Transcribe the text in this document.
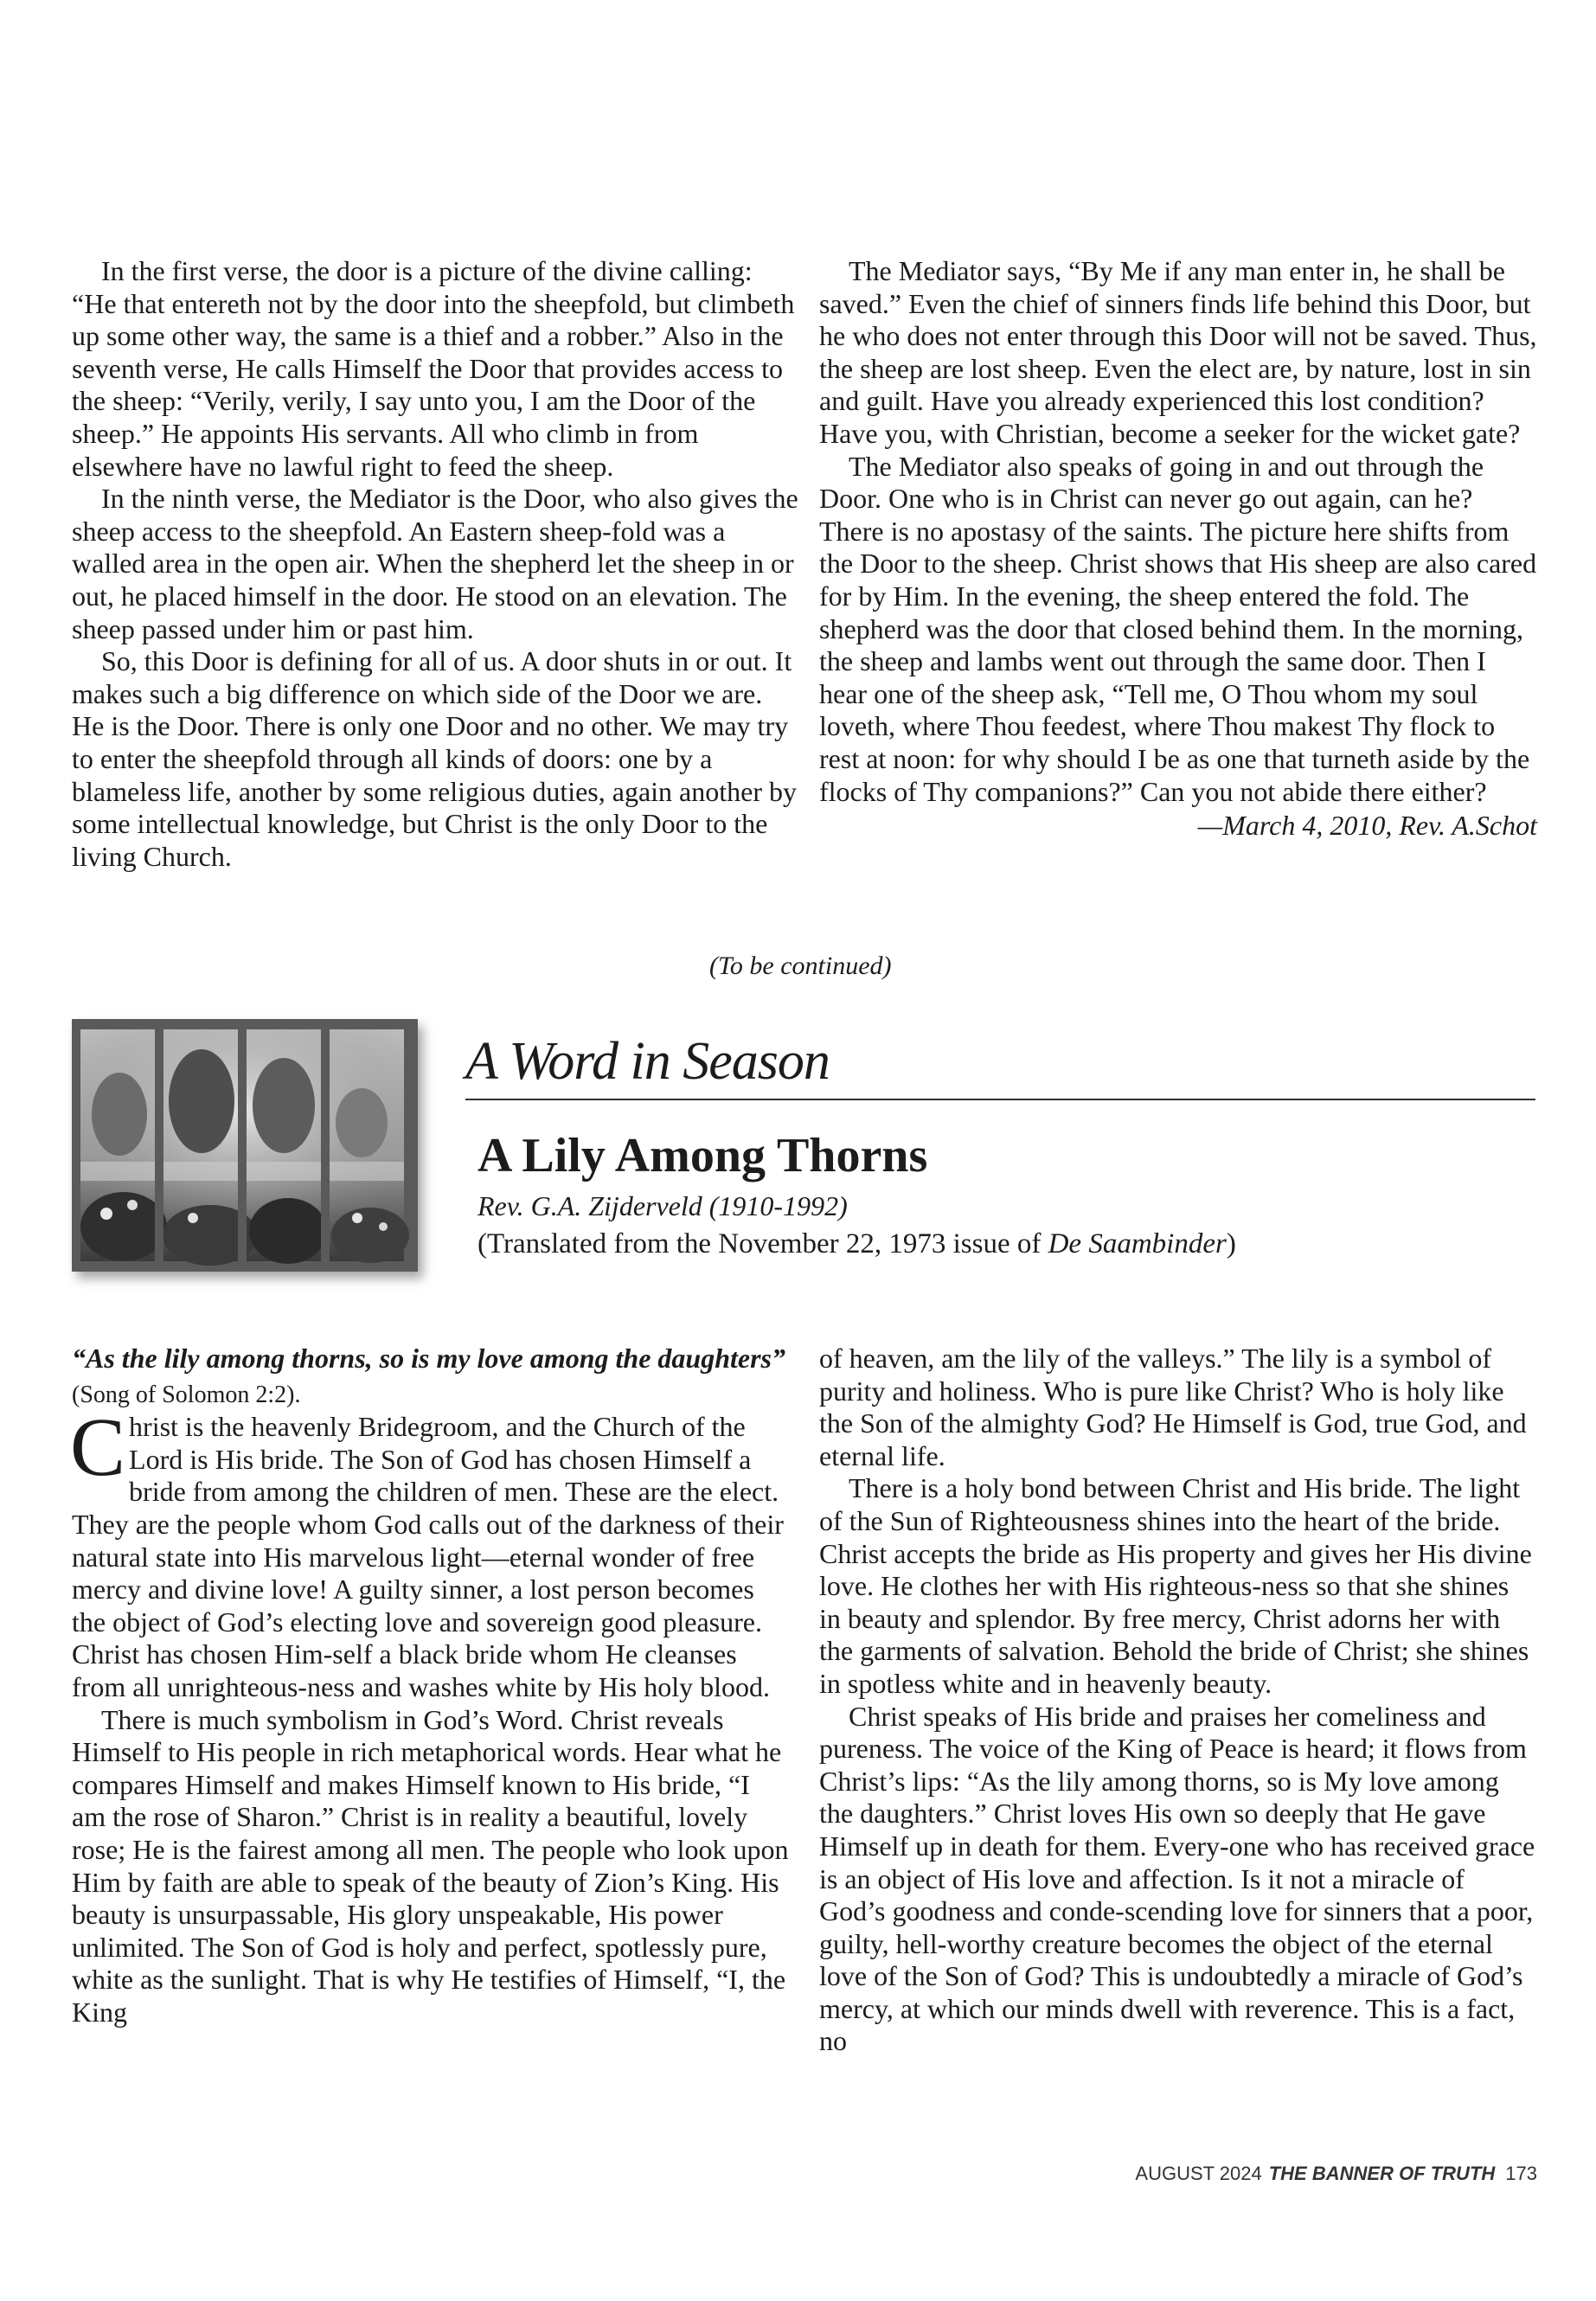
In the first verse, the door is a picture of the divine calling: “He that entereth not by the door into the sheepfold, but climbeth up some other way, the same is a thief and a robber.” Also in the seventh verse, He calls Himself the Door that provides access to the sheep: “Verily, verily, I say unto you, I am the Door of the sheep.” He appoints His servants. All who climb in from elsewhere have no lawful right to feed the sheep.

In the ninth verse, the Mediator is the Door, who also gives the sheep access to the sheepfold. An Eastern sheep-fold was a walled area in the open air. When the shepherd let the sheep in or out, he placed himself in the door. He stood on an elevation. The sheep passed under him or past him.

So, this Door is defining for all of us. A door shuts in or out. It makes such a big difference on which side of the Door we are. He is the Door. There is only one Door and no other. We may try to enter the sheepfold through all kinds of doors: one by a blameless life, another by some religious duties, again another by some intellectual knowledge, but Christ is the only Door to the living Church.

The Mediator says, “By Me if any man enter in, he shall be saved.” Even the chief of sinners finds life behind this Door, but he who does not enter through this Door will not be saved. Thus, the sheep are lost sheep. Even the elect are, by nature, lost in sin and guilt. Have you already experienced this lost condition? Have you, with Christian, become a seeker for the wicket gate?

The Mediator also speaks of going in and out through the Door. One who is in Christ can never go out again, can he? There is no apostasy of the saints. The picture here shifts from the Door to the sheep. Christ shows that His sheep are also cared for by Him. In the evening, the sheep entered the fold. The shepherd was the door that closed behind them. In the morning, the sheep and lambs went out through the same door. Then I hear one of the sheep ask, “Tell me, O Thou whom my soul loveth, where Thou feedest, where Thou makest Thy flock to rest at noon: for why should I be as one that turneth aside by the flocks of Thy companions?” Can you not abide there either?

—March 4, 2010, Rev. A.Schot

(To be continued)
A Word in Season
A Lily Among Thorns
Rev. G.A. Zijderveld (1910-1992)
(Translated from the November 22, 1973 issue of De Saambinder)

“As the lily among thorns, so is my love among the daughters” (Song of Solomon 2:2).

Christ is the heavenly Bridegroom, and the Church of the Lord is His bride. The Son of God has chosen Himself a bride from among the children of men. These are the elect. They are the people whom God calls out of the darkness of their natural state into His marvelous light—eternal wonder of free mercy and divine love! A guilty sinner, a lost person becomes the object of God’s electing love and sovereign good pleasure. Christ has chosen Him-self a black bride whom He cleanses from all unrighteous-ness and washes white by His holy blood.

There is much symbolism in God’s Word. Christ reveals Himself to His people in rich metaphorical words. Hear what he compares Himself and makes Himself known to His bride, “I am the rose of Sharon.” Christ is in reality a beautiful, lovely rose; He is the fairest among all men. The people who look upon Him by faith are able to speak of the beauty of Zion’s King. His beauty is unsurpassable, His glory unspeakable, His power unlimited. The Son of God is holy and perfect, spotlessly pure, white as the sunlight. That is why He testifies of Himself, “I, the King

of heaven, am the lily of the valleys.” The lily is a symbol of purity and holiness. Who is pure like Christ? Who is holy like the Son of the almighty God? He Himself is God, true God, and eternal life.

There is a holy bond between Christ and His bride. The light of the Sun of Righteousness shines into the heart of the bride. Christ accepts the bride as His property and gives her His divine love. He clothes her with His righteous-ness so that she shines in beauty and splendor. By free mercy, Christ adorns her with the garments of salvation. Behold the bride of Christ; she shines in spotless white and in heavenly beauty.

Christ speaks of His bride and praises her comeliness and pureness. The voice of the King of Peace is heard; it flows from Christ’s lips: “As the lily among thorns, so is My love among the daughters.” Christ loves His own so deeply that He gave Himself up in death for them. Every-one who has received grace is an object of His love and affection. Is it not a miracle of God’s goodness and conde-scending love for sinners that a poor, guilty, hell-worthy creature becomes the object of the eternal love of the Son of God? This is undoubtedly a miracle of God’s mercy, at which our minds dwell with reverence. This is a fact, no

AUGUST 2024 THE BANNER OF TRUTH 173
